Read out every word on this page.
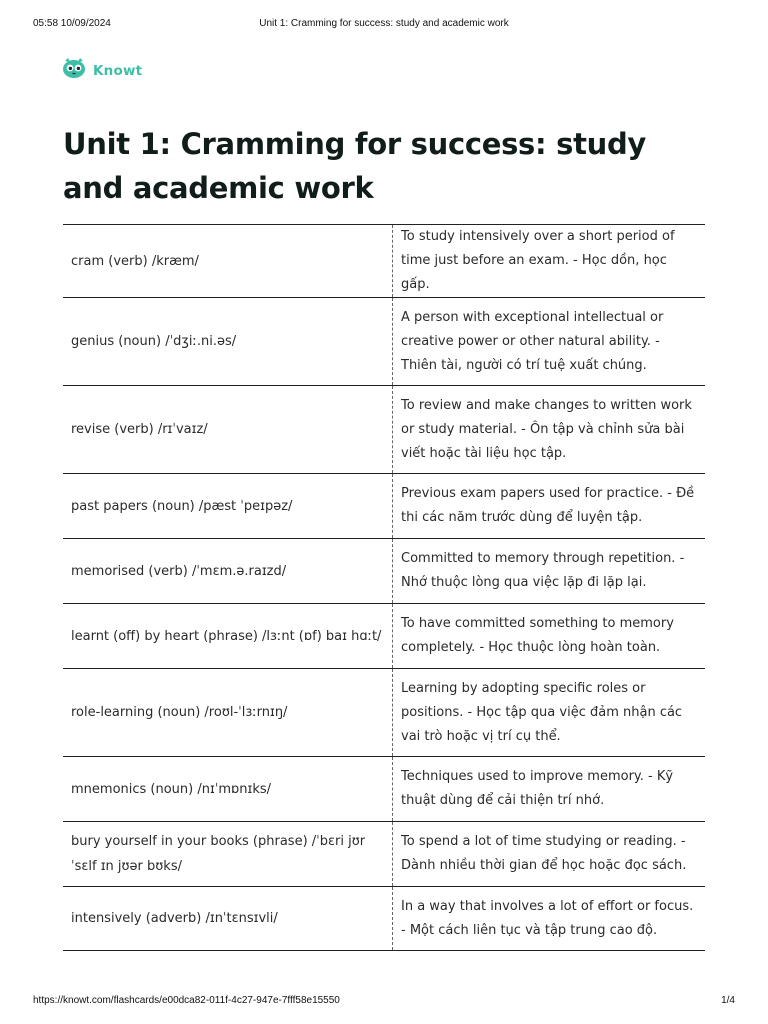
05:58 10/09/2024	Unit 1: Cramming for success: study and academic work
Knowt
Unit 1: Cramming for success: study and academic work
cram (verb) /kræm/	To study intensively over a short period of time just before an exam. - Học dồn, học gấp.
genius (noun) /ˈdʒiː.ni.əs/	A person with exceptional intellectual or creative power or other natural ability. - Thiên tài, người có trí tuệ xuất chúng.
revise (verb) /rɪˈvaɪz/	To review and make changes to written work or study material. - Ôn tập và chỉnh sửa bài viết hoặc tài liệu học tập.
past papers (noun) /pæst ˈpeɪpəz/	Previous exam papers used for practice. - Đề thi các năm trước dùng để luyện tập.
memorised (verb) /ˈmɛm.ə.raɪzd/	Committed to memory through repetition. - Nhớ thuộc lòng qua việc lặp đi lặp lại.
learnt (off) by heart (phrase) /lɜːnt (ɒf) baɪ hɑːt/	To have committed something to memory completely. - Học thuộc lòng hoàn toàn.
role-learning (noun) /roʊl-ˈlɜːrnɪŋ/	Learning by adopting specific roles or positions. - Học tập qua việc đảm nhận các vai trò hoặc vị trí cụ thể.
mnemonics (noun) /nɪˈmɒnɪks/	Techniques used to improve memory. - Kỹ thuật dùng để cải thiện trí nhớ.
bury yourself in your books (phrase) /ˈbɛri jʊr ˈsɛlf ɪn jʊər bʊks/	To spend a lot of time studying or reading. - Dành nhiều thời gian để học hoặc đọc sách.
intensively (adverb) /ɪnˈtɛnsɪvli/	In a way that involves a lot of effort or focus. - Một cách liên tục và tập trung cao độ.
https://knowt.com/flashcards/e00dca82-011f-4c27-947e-7fff58e15550	1/4
